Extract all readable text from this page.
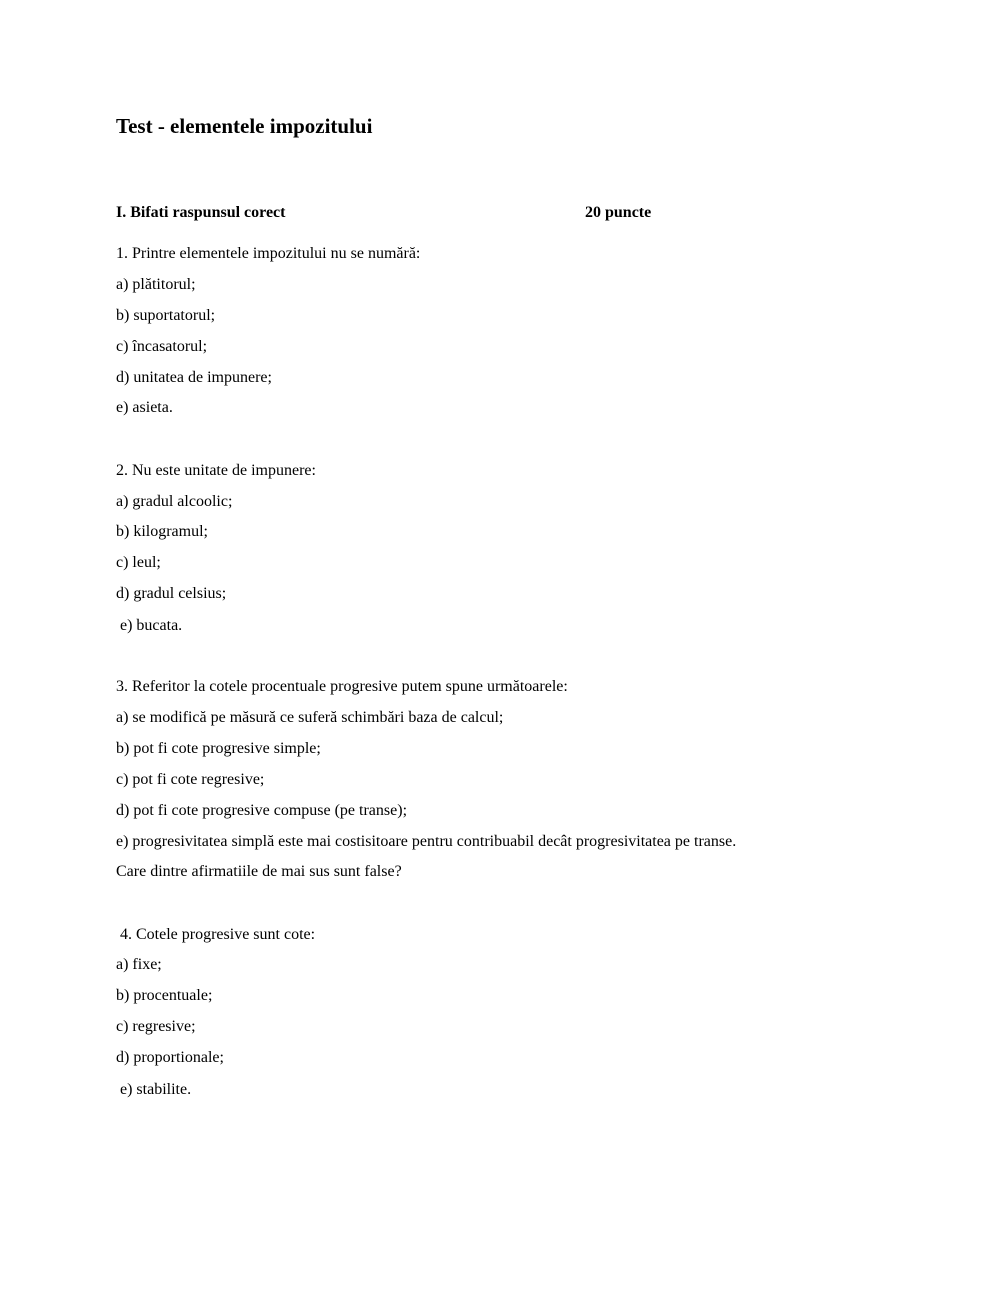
Test - elementele impozitului
I. Bifati raspunsul corect	20 puncte
1. Printre elementele impozitului nu se numără:
a) plătitorul;
b) suportatorul;
c) încasatorul;
d) unitatea de impunere;
e) asieta.
2. Nu este unitate de impunere:
a) gradul alcoolic;
b) kilogramul;
c) leul;
d) gradul celsius;
e) bucata.
3. Referitor la cotele procentuale progresive putem spune următoarele:
a) se modifică pe măsură ce suferă schimbări baza de calcul;
b) pot fi cote progresive simple;
c) pot fi cote regresive;
d) pot fi cote progresive compuse (pe transe);
e) progresivitatea simplă este mai costisitoare pentru contribuabil decât progresivitatea pe transe.
Care dintre afirmatiile de mai sus sunt false?
4. Cotele progresive sunt cote:
a) fixe;
b) procentuale;
c) regresive;
d) proportionale;
e) stabilite.
